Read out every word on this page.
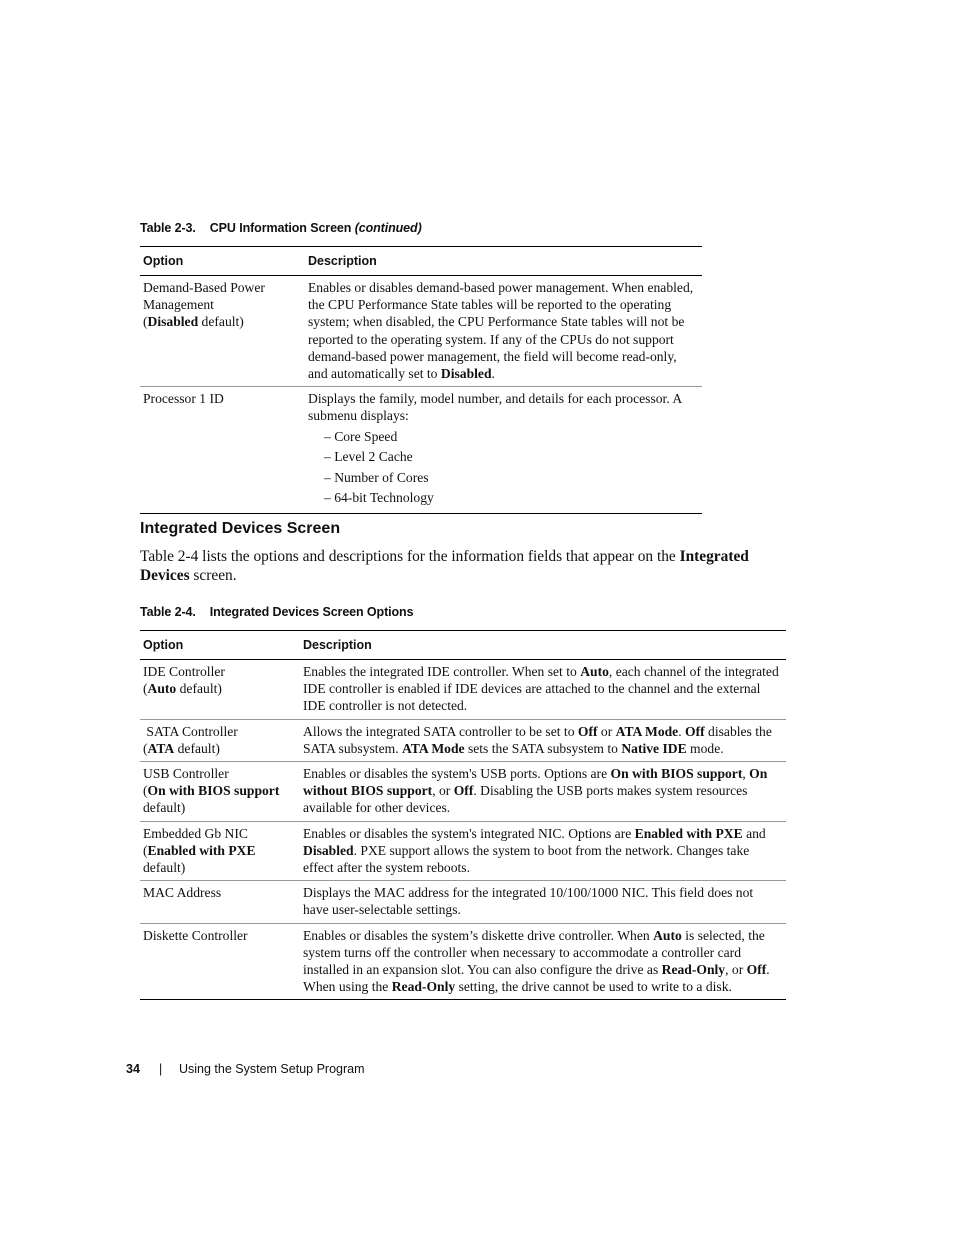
Table 2-3. CPU Information Screen (continued)
Option	Description
Demand-Based Power Management
(Disabled default)	Enables or disables demand-based power management. When enabled, the CPU Performance State tables will be reported to the operating system; when disabled, the CPU Performance State tables will not be reported to the operating system. If any of the CPUs do not support demand-based power management, the field will become read-only, and automatically set to Disabled.
Processor 1 ID	Displays the family, model number, and details for each processor. A submenu displays:
– Core Speed
– Level 2 Cache
– Number of Cores
– 64-bit Technology
Integrated Devices Screen
Table 2-4 lists the options and descriptions for the information fields that appear on the Integrated Devices screen.
Table 2-4. Integrated Devices Screen Options
Option	Description
IDE Controller
(Auto default)	Enables the integrated IDE controller. When set to Auto, each channel of the integrated IDE controller is enabled if IDE devices are attached to the channel and the external IDE controller is not detected.
SATA Controller
(ATA default)	Allows the integrated SATA controller to be set to Off or ATA Mode. Off disables the SATA subsystem. ATA Mode sets the SATA subsystem to Native IDE mode.
USB Controller
(On with BIOS support default)	Enables or disables the system's USB ports. Options are On with BIOS support, On without BIOS support, or Off. Disabling the USB ports makes system resources available for other devices.
Embedded Gb NIC
(Enabled with PXE default)	Enables or disables the system's integrated NIC. Options are Enabled with PXE and Disabled. PXE support allows the system to boot from the network. Changes take effect after the system reboots.
MAC Address	Displays the MAC address for the integrated 10/100/1000 NIC. This field does not have user-selectable settings.
Diskette Controller	Enables or disables the system’s diskette drive controller. When Auto is selected, the system turns off the controller when necessary to accommodate a controller card installed in an expansion slot. You can also configure the drive as Read-Only, or Off. When using the Read-Only setting, the drive cannot be used to write to a disk.
34 | Using the System Setup Program
